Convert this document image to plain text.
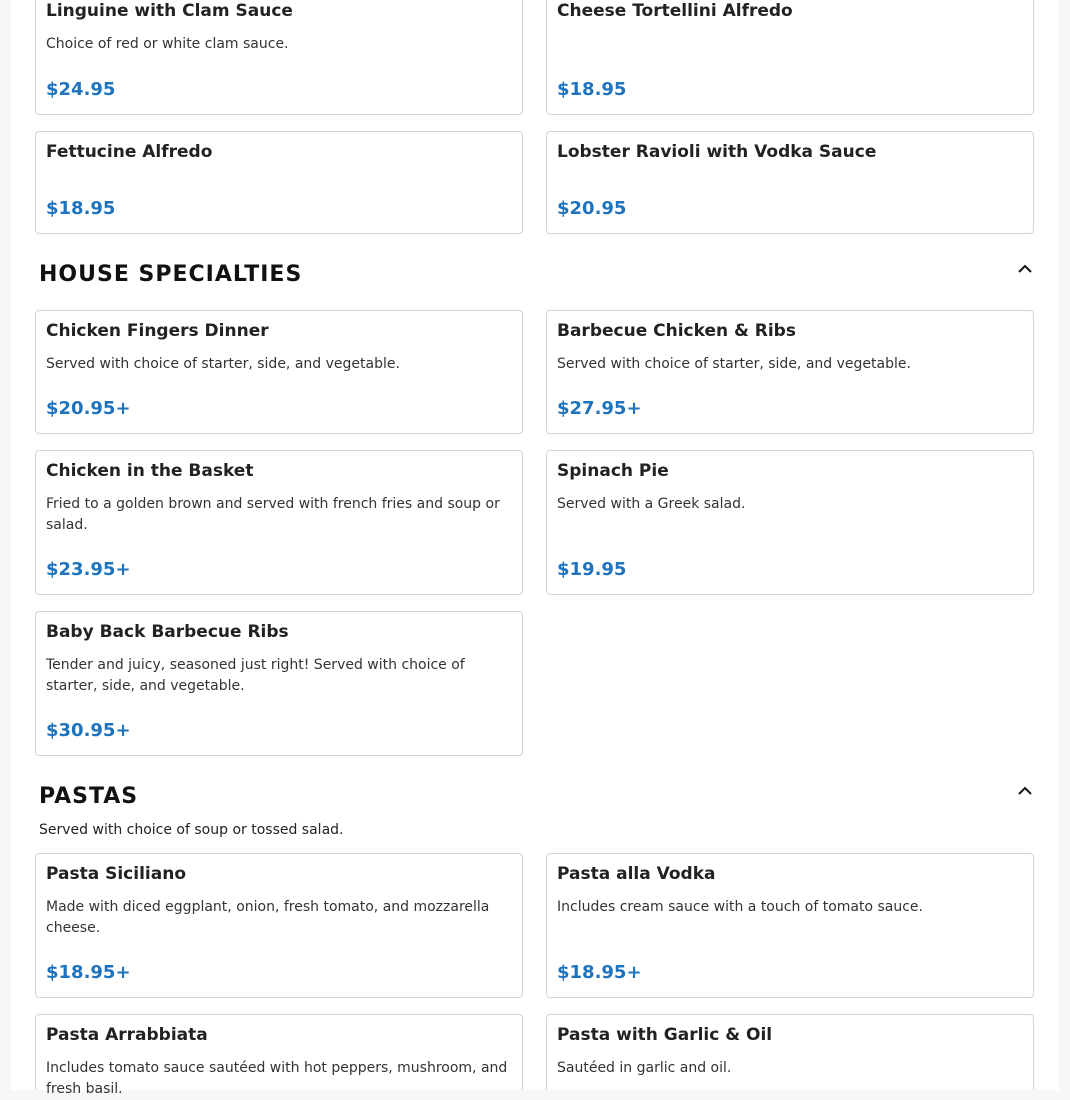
Linguine with Clam Sauce
Choice of red or white clam sauce.
$24.95
Cheese Tortellini Alfredo
$18.95
Fettucine Alfredo
$18.95
Lobster Ravioli with Vodka Sauce
$20.95
HOUSE SPECIALTIES
Chicken Fingers Dinner
Served with choice of starter, side, and vegetable.
$20.95+
Barbecue Chicken & Ribs
Served with choice of starter, side, and vegetable.
$27.95+
Chicken in the Basket
Fried to a golden brown and served with french fries and soup or salad.
$23.95+
Spinach Pie
Served with a Greek salad.
$19.95
Baby Back Barbecue Ribs
Tender and juicy, seasoned just right! Served with choice of starter, side, and vegetable.
$30.95+
PASTAS
Served with choice of soup or tossed salad.
Pasta Siciliano
Made with diced eggplant, onion, fresh tomato, and mozzarella cheese.
$18.95+
Pasta alla Vodka
Includes cream sauce with a touch of tomato sauce.
$18.95+
Pasta Arrabbiata
Includes tomato sauce sautéed with hot peppers, mushroom, and fresh basil.
Pasta with Garlic & Oil
Sautéed in garlic and oil.
